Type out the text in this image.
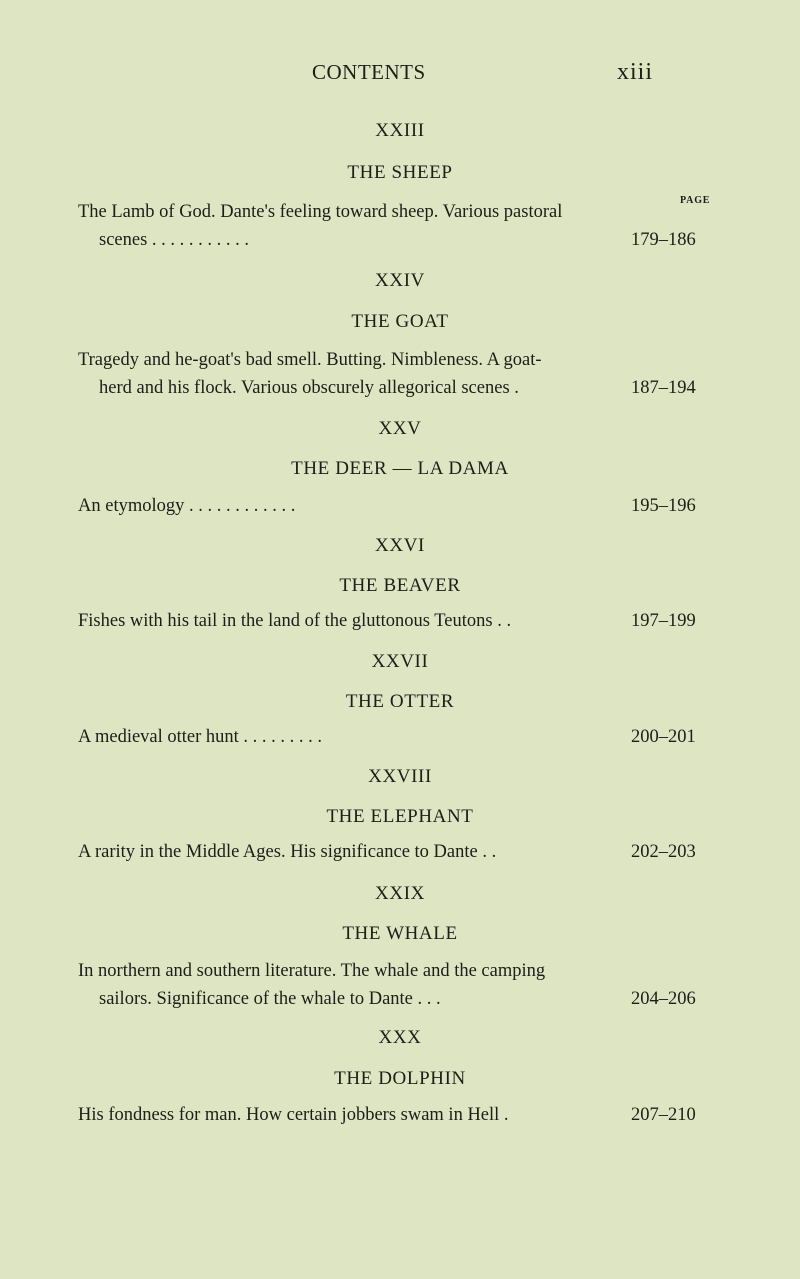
CONTENTS	xiii
XXIII
THE SHEEP
PAGE
The Lamb of God. Dante's feeling toward sheep. Various pastoral
scenes . . . . . . . . . . .	179–186
XXIV
THE GOAT
Tragedy and he-goat's bad smell. Butting. Nimbleness. A goat-
herd and his flock. Various obscurely allegorical scenes .	187–194
XXV
THE DEER — LA DAMA
An etymology . . . . . . . . . . . .	195–196
XXVI
THE BEAVER
Fishes with his tail in the land of the gluttonous Teutons . .	197–199
XXVII
THE OTTER
A medieval otter hunt . . . . . . . . .	200–201
XXVIII
THE ELEPHANT
A rarity in the Middle Ages. His significance to Dante . .	202–203
XXIX
THE WHALE
In northern and southern literature. The whale and the camping
sailors. Significance of the whale to Dante . . .	204–206
XXX
THE DOLPHIN
His fondness for man. How certain jobbers swam in Hell .	207–210
